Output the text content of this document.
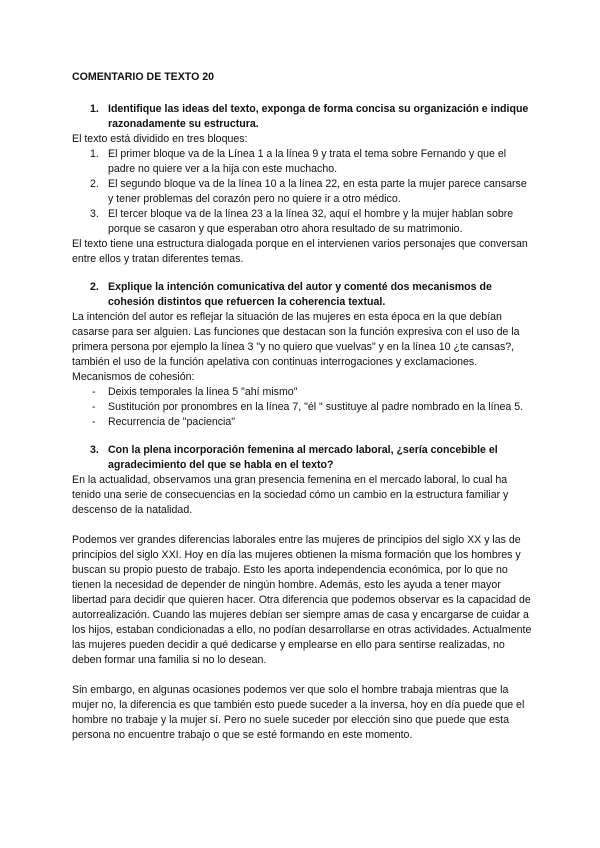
COMENTARIO DE TEXTO 20

1. Identifique las ideas del texto, exponga de forma concisa su organización e indique razonadamente su estructura.

El texto está dividido en tres bloques:

1. El primer bloque va de la Línea 1 a la línea 9 y trata el tema sobre Fernando y que el padre no quiere ver a la hija con este muchacho.
2. El segundo bloque va de la línea 10 a la línea 22, en esta parte la mujer parece cansarse y tener problemas del corazón pero no quiere ir a otro médico.
3. El tercer bloque va de la línea 23 a la línea 32, aquí el hombre y la mujer hablan sobre porque se casaron y que esperaban otro ahora resultado de su matrimonio.

El texto tiene una estructura dialogada porque en el intervienen varios personajes que conversan entre ellos y tratan diferentes temas.

2. Explique la intención comunicativa del autor y comenté dos mecanismos de cohesión distintos que refuercen la coherencia textual.

La intención del autor es reflejar la situación de las mujeres en esta época en la que debían casarse para ser alguien. Las funciones que destacan son la función expresiva con el uso de la primera persona por ejemplo la línea 3 "y no quiero que vuelvas" y en la línea 10 ¿te cansas?, también el uso de la función apelativa con continuas interrogaciones y exclamaciones.

Mecanismos de cohesión:

- Deixis temporales la línea 5 "ahí mismo"
- Sustitución por pronombres en la línea 7, "él " sustituye al padre nombrado en la línea 5.
- Recurrencia de "paciencia"
3. Con la plena incorporación femenina al mercado laboral, ¿sería concebible el agradecimiento del que se habla en el texto?

En la actualidad, observamos una gran presencia femenina en el mercado laboral, lo cual ha tenido una serie de consecuencias en la sociedad cómo un cambio en la estructura familiar y descenso de la natalidad.

Podemos ver grandes diferencias laborales entre las mujeres de principios del siglo XX y las de principios del siglo XXI. Hoy en día las mujeres obtienen la misma formación que los hombres y buscan su propio puesto de trabajo. Esto les aporta independencia económica, por lo que no tienen la necesidad de depender de ningún hombre. Además, esto les ayuda a tener mayor libertad para decidir que quieren hacer. Otra diferencia que podemos observar es la capacidad de autorrealización. Cuando las mujeres debían ser siempre amas de casa y encargarse de cuidar a los hijos, estaban condicionadas a ello, no podían desarrollarse en otras actividades. Actualmente las mujeres pueden decidir a qué dedicarse y emplearse en ello para sentirse realizadas, no deben formar una familia si no lo desean.

Sin embargo, en algunas ocasiones podemos ver que solo el hombre trabaja mientras que la mujer no, la diferencia es que también esto puede suceder a la inversa, hoy en día puede que el hombre no trabaje y la mujer sí. Pero no suele suceder por elección sino que puede que esta persona no encuentre trabajo o que se esté formando en este momento.
